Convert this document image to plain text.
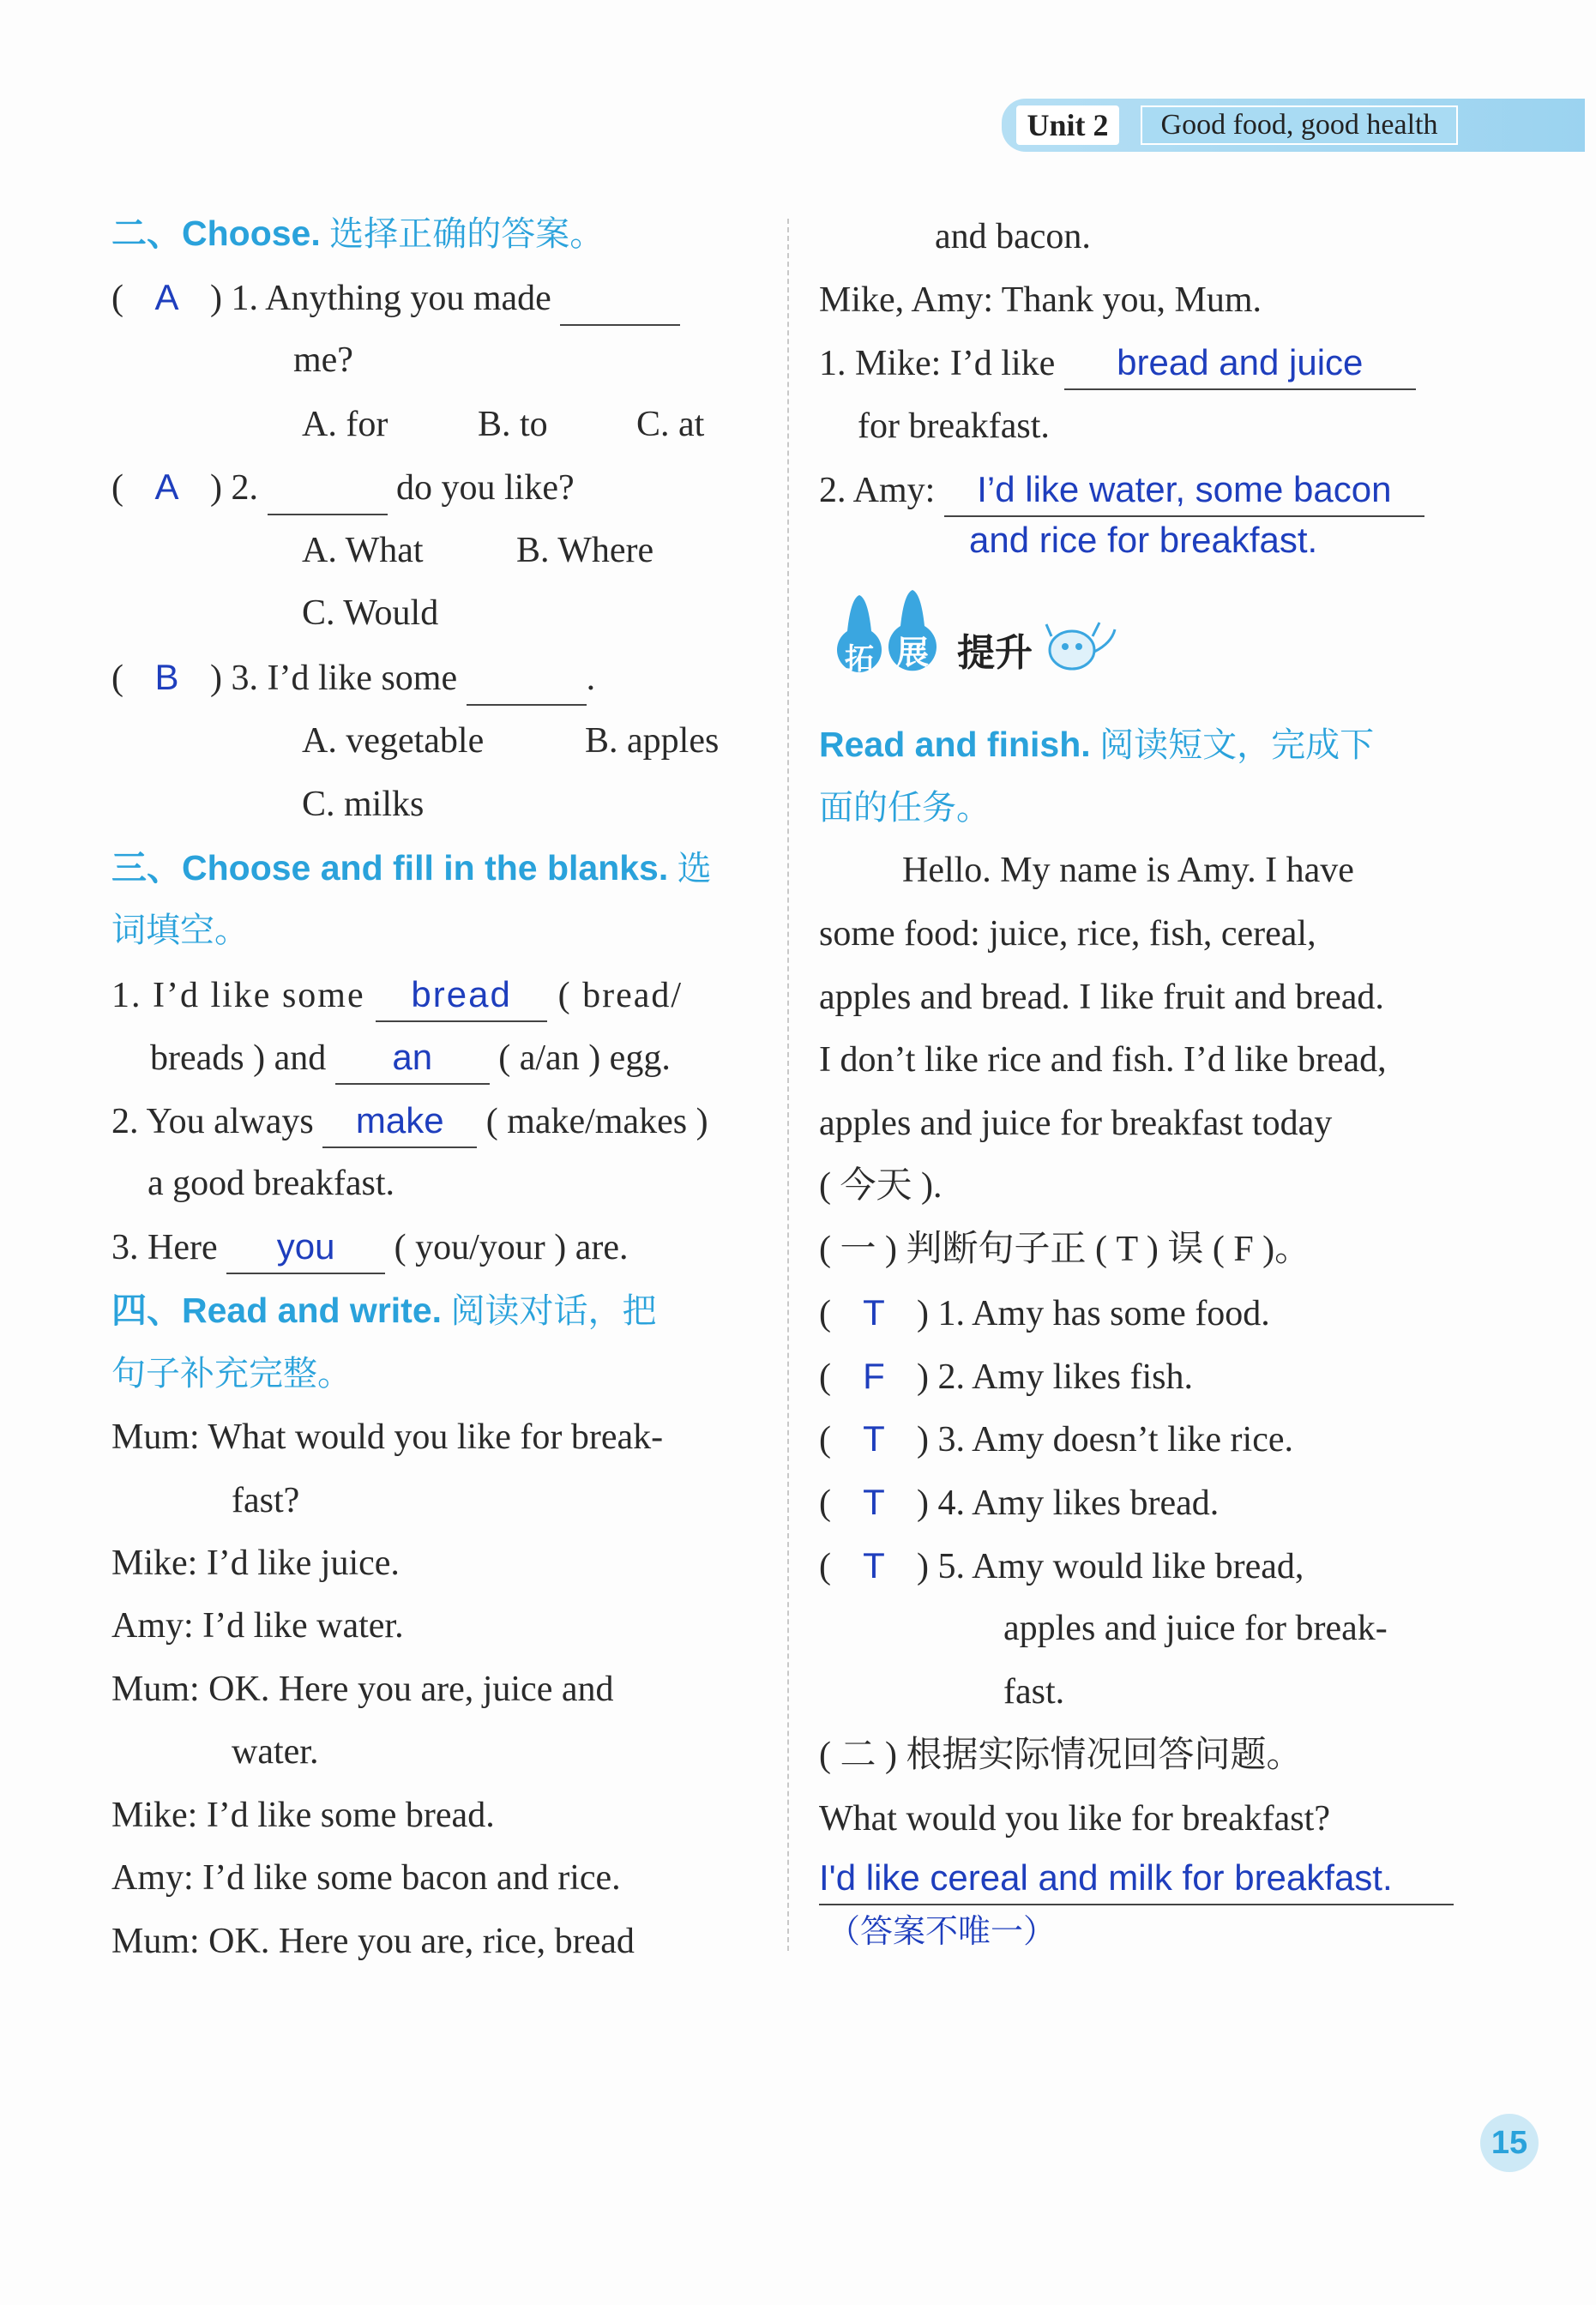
Unit 2	Good food, good health
二、Choose. 选择正确的答案。
( A ) 1. Anything you made
me?
A. for B. to C. at
( A ) 2.	do you like?
A. What	B. Where
C. Would
( B ) 3. I’d like some	.
A. vegetable	B. apples
C. milks
三、Choose and fill in the blanks. 选
词填空。
1. I’d like some bread ( bread/
breads ) and an ( a/an ) egg.
2. You always make ( make/makes )
a good breakfast.
3. Here you ( you/your ) are.
四、Read and write. 阅读对话，把
句子补充完整。
Mum: What would you like for break-
fast?
Mike: I’d like juice.
Amy: I’d like water.
Mum: OK. Here you are, juice and
water.
Mike: I’d like some bread.
Amy: I’d like some bacon and rice.
Mum: OK. Here you are, rice, bread
and bacon.
Mike, Amy: Thank you, Mum.
1. Mike: I’d like bread and juice
for breakfast.
2. Amy: I’d like water, some bacon
and rice for breakfast.
拓 展 提升
Read and finish. 阅读短文，完成下
面的任务。
Hello. My name is Amy. I have
some food: juice, rice, fish, cereal,
apples and bread. I like fruit and bread.
I don’t like rice and fish. I’d like bread,
apples and juice for breakfast today
( 今天 ).
( 一 ) 判断句子正 ( T ) 误 ( F )。
( T ) 1. Amy has some food.
( F ) 2. Amy likes fish.
( T ) 3. Amy doesn’t like rice.
( T ) 4. Amy likes bread.
( T ) 5. Amy would like bread,
apples and juice for break-
fast.
( 二 ) 根据实际情况回答问题。
What would you like for breakfast?
I'd like cereal and milk for breakfast.
（答案不唯一）
15
